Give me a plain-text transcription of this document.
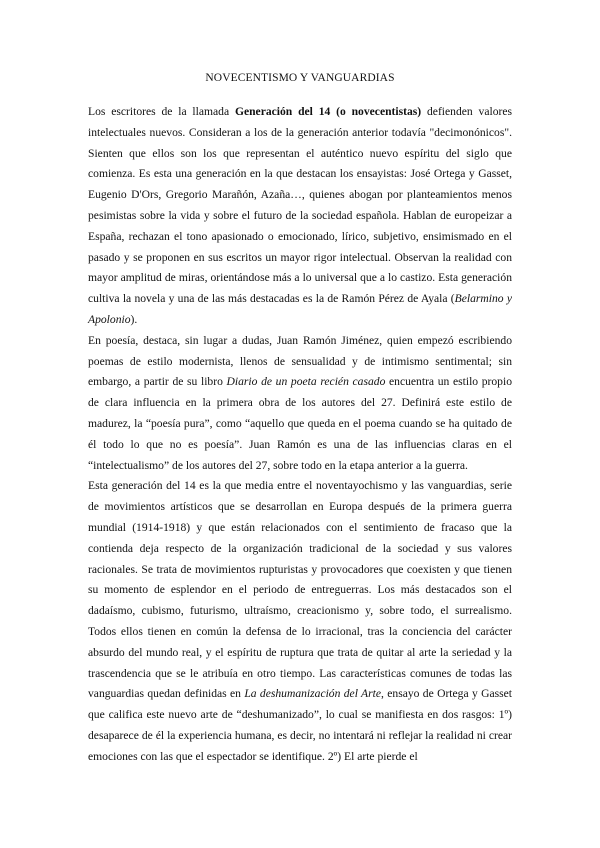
NOVECENTISMO Y VANGUARDIAS

Los escritores de la llamada Generación del 14 (o novecentistas) defienden valores intelectuales nuevos. Consideran a los de la generación anterior todavía "decimonónicos". Sienten que ellos son los que representan el auténtico nuevo espíritu del siglo que comienza. Es esta una generación en la que destacan los ensayistas: José Ortega y Gasset, Eugenio D'Ors, Gregorio Marañón, Azaña…, quienes abogan por planteamientos menos pesimistas sobre la vida y sobre el futuro de la sociedad española. Hablan de europeizar a España, rechazan el tono apasionado o emocionado, lírico, subjetivo, ensimismado en el pasado y se proponen en sus escritos un mayor rigor intelectual. Observan la realidad con mayor amplitud de miras, orientándose más a lo universal que a lo castizo. Esta generación cultiva la novela y una de las más destacadas es la de Ramón Pérez de Ayala (Belarmino y Apolonio).

En poesía, destaca, sin lugar a dudas, Juan Ramón Jiménez, quien empezó escribiendo poemas de estilo modernista, llenos de sensualidad y de intimismo sentimental; sin embargo, a partir de su libro Diario de un poeta recién casado encuentra un estilo propio de clara influencia en la primera obra de los autores del 27. Definirá este estilo de madurez, la “poesía pura”, como “aquello que queda en el poema cuando se ha quitado de él todo lo que no es poesía”. Juan Ramón es una de las influencias claras en el “intelectualismo” de los autores del 27, sobre todo en la etapa anterior a la guerra.

Esta generación del 14 es la que media entre el noventayochismo y las vanguardias, serie de movimientos artísticos que se desarrollan en Europa después de la primera guerra mundial (1914-1918) y que están relacionados con el sentimiento de fracaso que la contienda deja respecto de la organización tradicional de la sociedad y sus valores racionales. Se trata de movimientos rupturistas y provocadores que coexisten y que tienen su momento de esplendor en el periodo de entreguerras. Los más destacados son el dadaísmo, cubismo, futurismo, ultraísmo, creacionismo y, sobre todo, el surrealismo. Todos ellos tienen en común la defensa de lo irracional, tras la conciencia del carácter absurdo del mundo real, y el espíritu de ruptura que trata de quitar al arte la seriedad y la trascendencia que se le atribuía en otro tiempo. Las características comunes de todas las vanguardias quedan definidas en La deshumanización del Arte, ensayo de Ortega y Gasset que califica este nuevo arte de “deshumanizado”, lo cual se manifiesta en dos rasgos: 1º) desaparece de él la experiencia humana, es decir, no intentará ni reflejar la realidad ni crear emociones con las que el espectador se identifique. 2º) El arte pierde el
